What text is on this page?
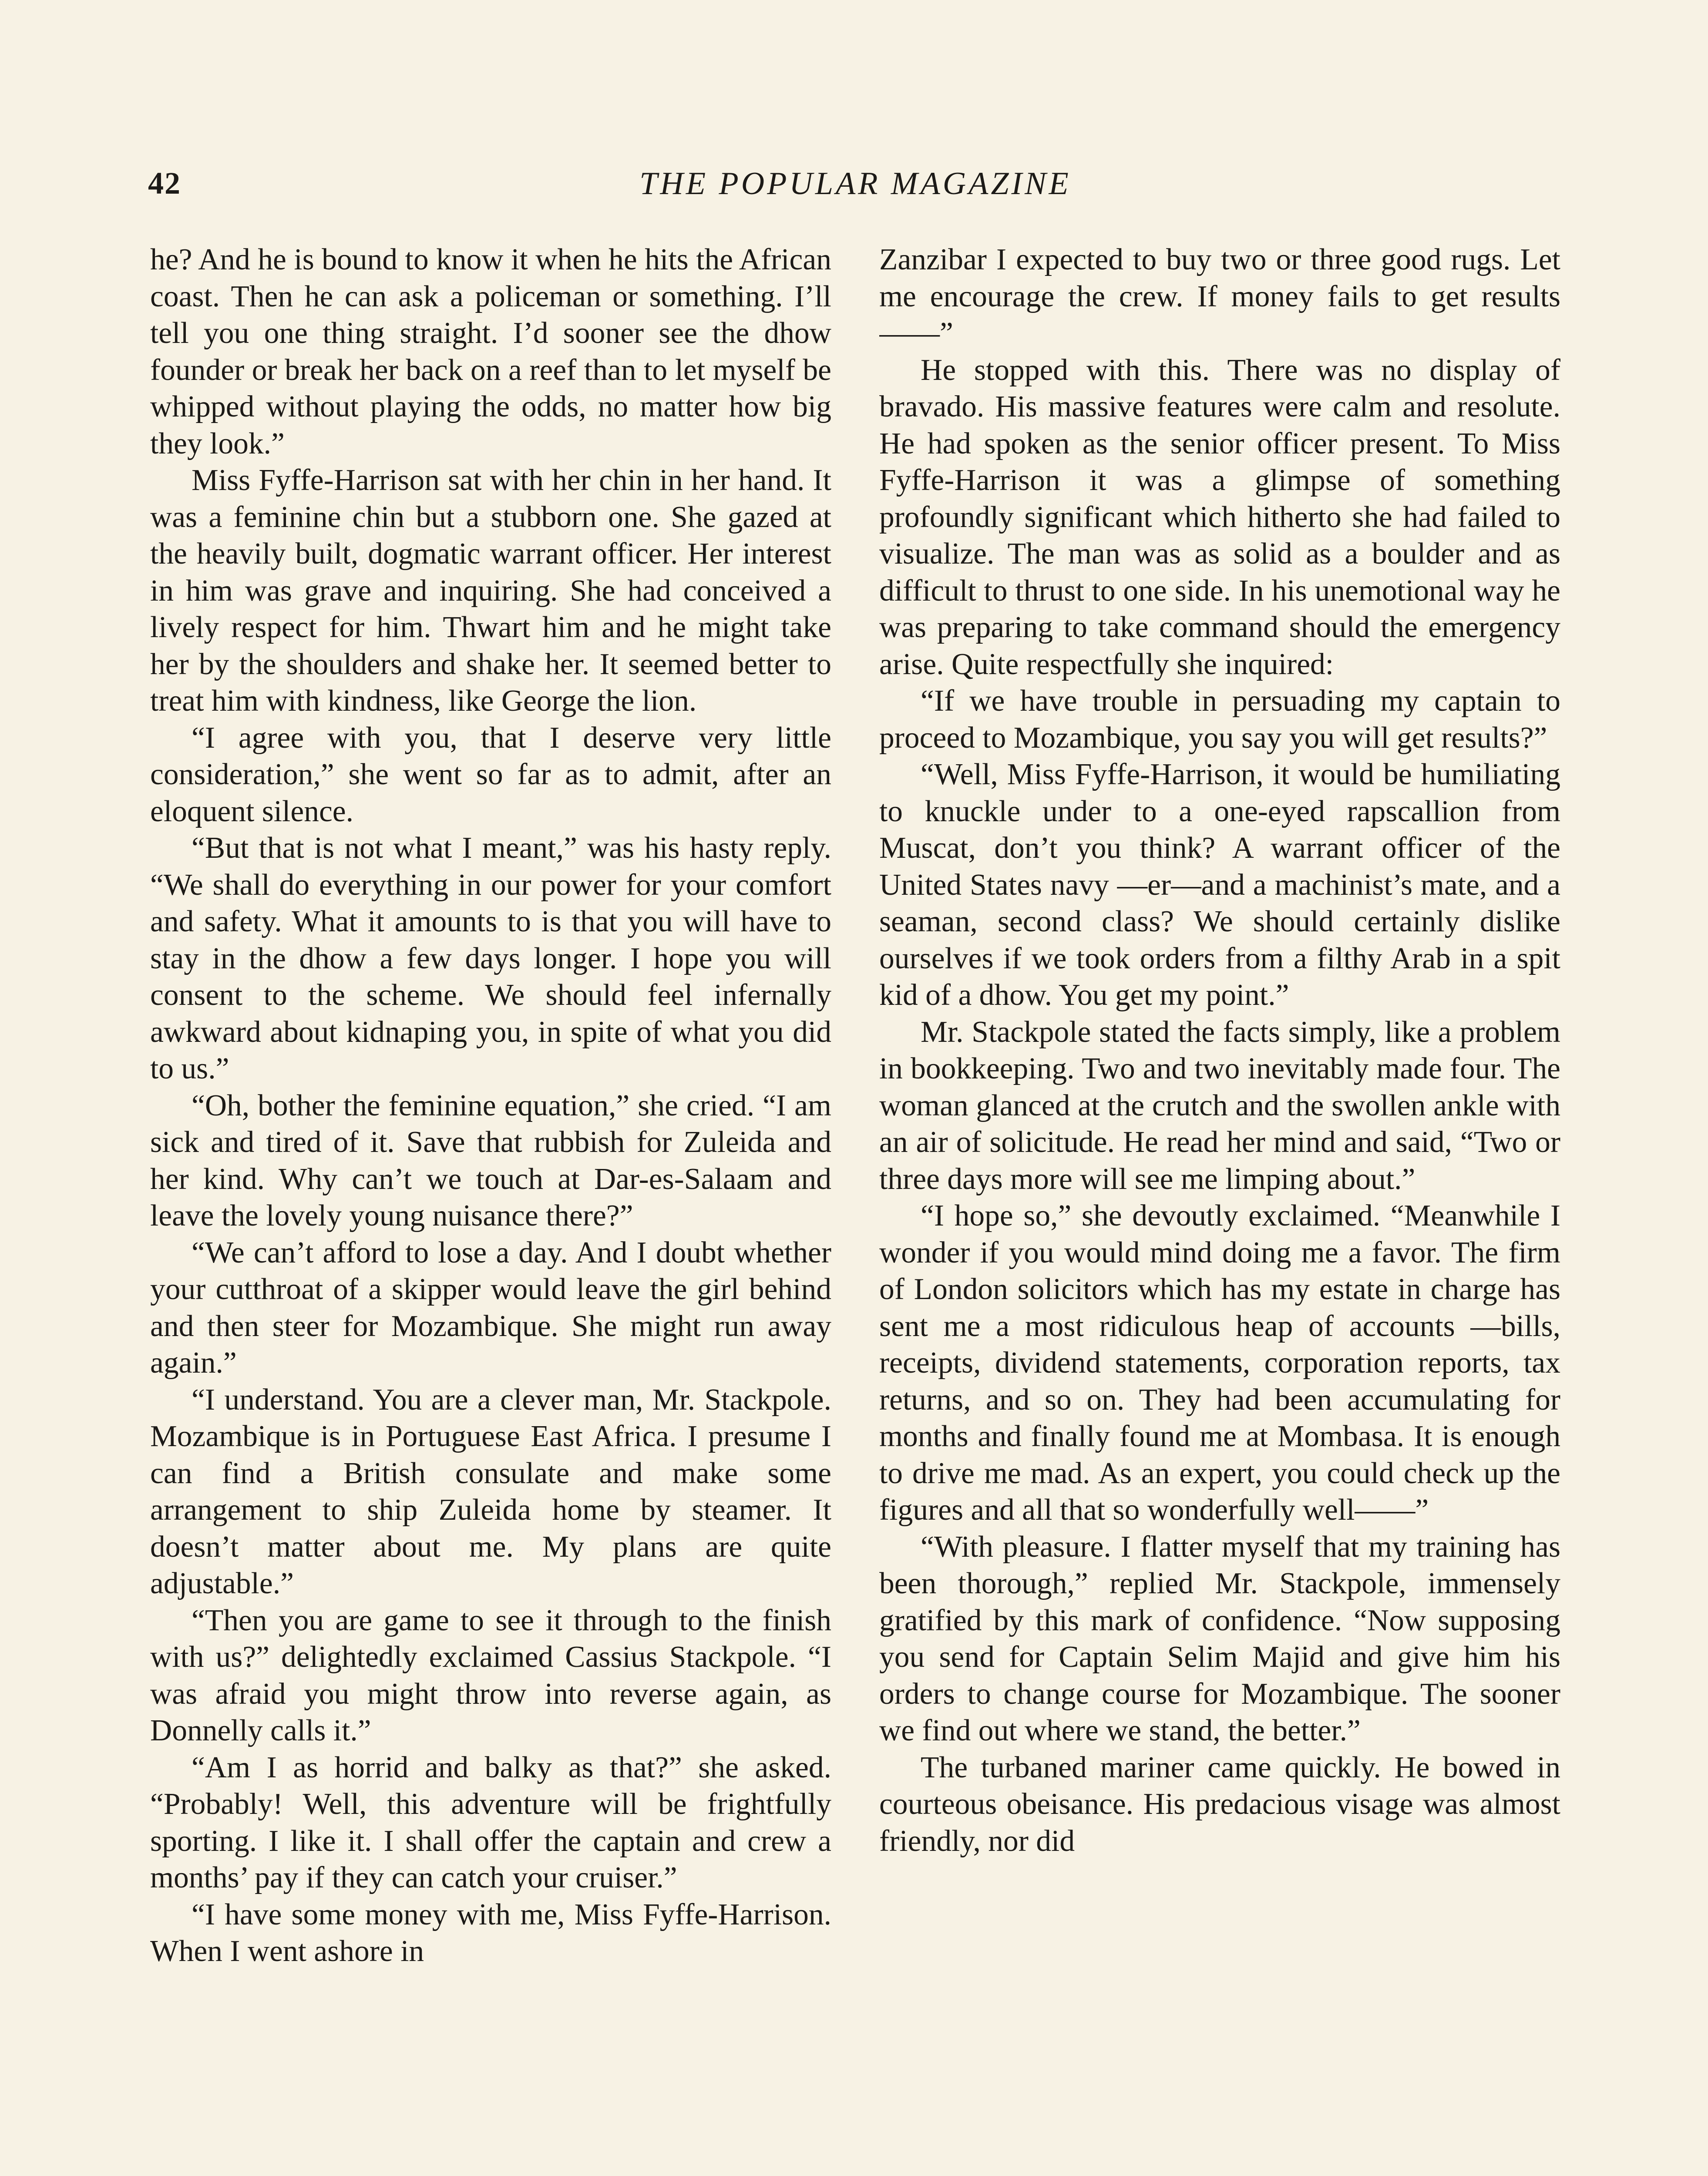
42	THE POPULAR MAGAZINE

he? And he is bound to know it when he hits the African coast. Then he can ask a policeman or something. I’ll tell you one thing straight. I’d sooner see the dhow founder or break her back on a reef than to let myself be whipped without playing the odds, no matter how big they look.”

Miss Fyffe-Harrison sat with her chin in her hand. It was a feminine chin but a stubborn one. She gazed at the heavily built, dogmatic warrant officer. Her interest in him was grave and inquiring. She had conceived a lively respect for him. Thwart him and he might take her by the shoulders and shake her. It seemed better to treat him with kindness, like George the lion.

“I agree with you, that I deserve very little consideration,” she went so far as to admit, after an eloquent silence.

“But that is not what I meant,” was his hasty reply. “We shall do everything in our power for your comfort and safety. What it amounts to is that you will have to stay in the dhow a few days longer. I hope you will consent to the scheme. We should feel infernally awkward about kidnaping you, in spite of what you did to us.”

“Oh, bother the feminine equation,” she cried. “I am sick and tired of it. Save that rubbish for Zuleida and her kind. Why can’t we touch at Dar-es-Salaam and leave the lovely young nuisance there?”

“We can’t afford to lose a day. And I doubt whether your cutthroat of a skipper would leave the girl behind and then steer for Mozambique. She might run away again.”

“I understand. You are a clever man, Mr. Stackpole. Mozambique is in Portuguese East Africa. I presume I can find a British consulate and make some arrangement to ship Zuleida home by steamer. It doesn’t matter about me. My plans are quite adjustable.”

“Then you are game to see it through to the finish with us?” delightedly exclaimed Cassius Stackpole. “I was afraid you might throw into reverse again, as Donnelly calls it.”

“Am I as horrid and balky as that?” she asked. “Probably! Well, this adventure will be frightfully sporting. I like it. I shall offer the captain and crew a months’ pay if they can catch your cruiser.”

“I have some money with me, Miss Fyffe-Harrison. When I went ashore in

Zanzibar I expected to buy two or three good rugs. Let me encourage the crew. If money fails to get results——”

He stopped with this. There was no display of bravado. His massive features were calm and resolute. He had spoken as the senior officer present. To Miss Fyffe-Harrison it was a glimpse of something profoundly significant which hitherto she had failed to visualize. The man was as solid as a boulder and as difficult to thrust to one side. In his unemotional way he was preparing to take command should the emergency arise. Quite respectfully she inquired:

“If we have trouble in persuading my captain to proceed to Mozambique, you say you will get results?”

“Well, Miss Fyffe-Harrison, it would be humiliating to knuckle under to a one-eyed rapscallion from Muscat, don’t you think? A warrant officer of the United States navy —er—and a machinist’s mate, and a seaman, second class? We should certainly dislike ourselves if we took orders from a filthy Arab in a spit kid of a dhow. You get my point.”

Mr. Stackpole stated the facts simply, like a problem in bookkeeping. Two and two inevitably made four. The woman glanced at the crutch and the swollen ankle with an air of solicitude. He read her mind and said, “Two or three days more will see me limping about.”

“I hope so,” she devoutly exclaimed. “Meanwhile I wonder if you would mind doing me a favor. The firm of London solicitors which has my estate in charge has sent me a most ridiculous heap of accounts —bills, receipts, dividend statements, corporation reports, tax returns, and so on. They had been accumulating for months and finally found me at Mombasa. It is enough to drive me mad. As an expert, you could check up the figures and all that so wonderfully well——”

“With pleasure. I flatter myself that my training has been thorough,” replied Mr. Stackpole, immensely gratified by this mark of confidence. “Now supposing you send for Captain Selim Majid and give him his orders to change course for Mozambique. The sooner we find out where we stand, the better.”

The turbaned mariner came quickly. He bowed in courteous obeisance. His predacious visage was almost friendly, nor did
